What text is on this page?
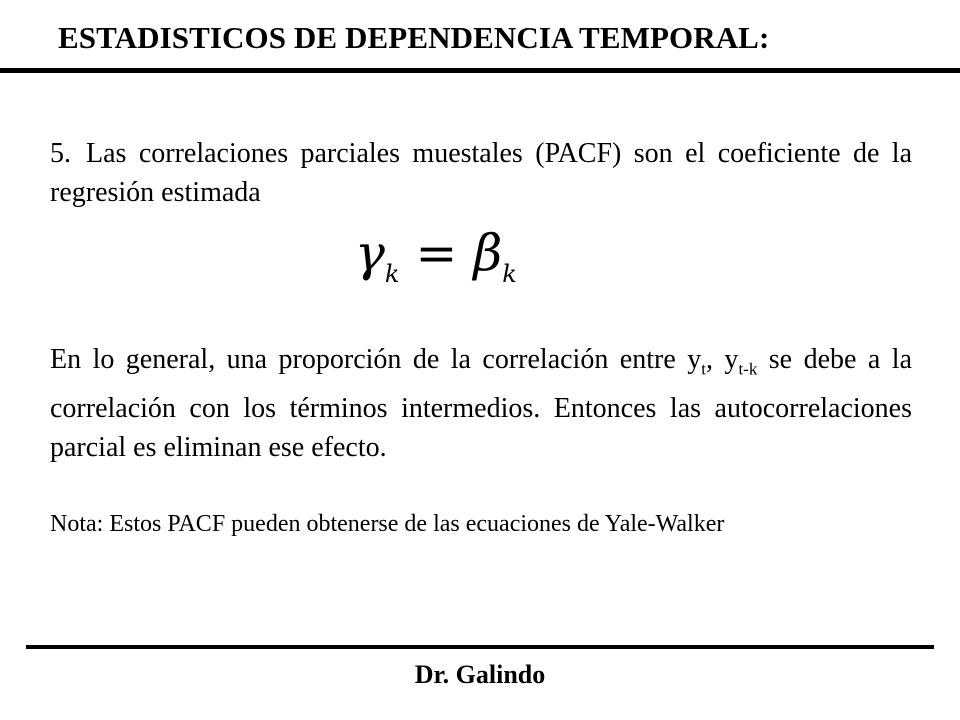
ESTADISTICOS DE DEPENDENCIA TEMPORAL:

5. Las correlaciones parciales muestales (PACF) son el coeficiente de la regresión estimada

$\gamma_k = \beta_k$

En lo general, una proporción de la correlación entre $y_t$, $y_{t-k}$ se debe a la correlación con los términos intermedios. Entonces las autocorrelaciones parcial es eliminan ese efecto.

Nota: Estos PACF pueden obtenerse de las ecuaciones de Yale-Walker

Dr. Galindo
